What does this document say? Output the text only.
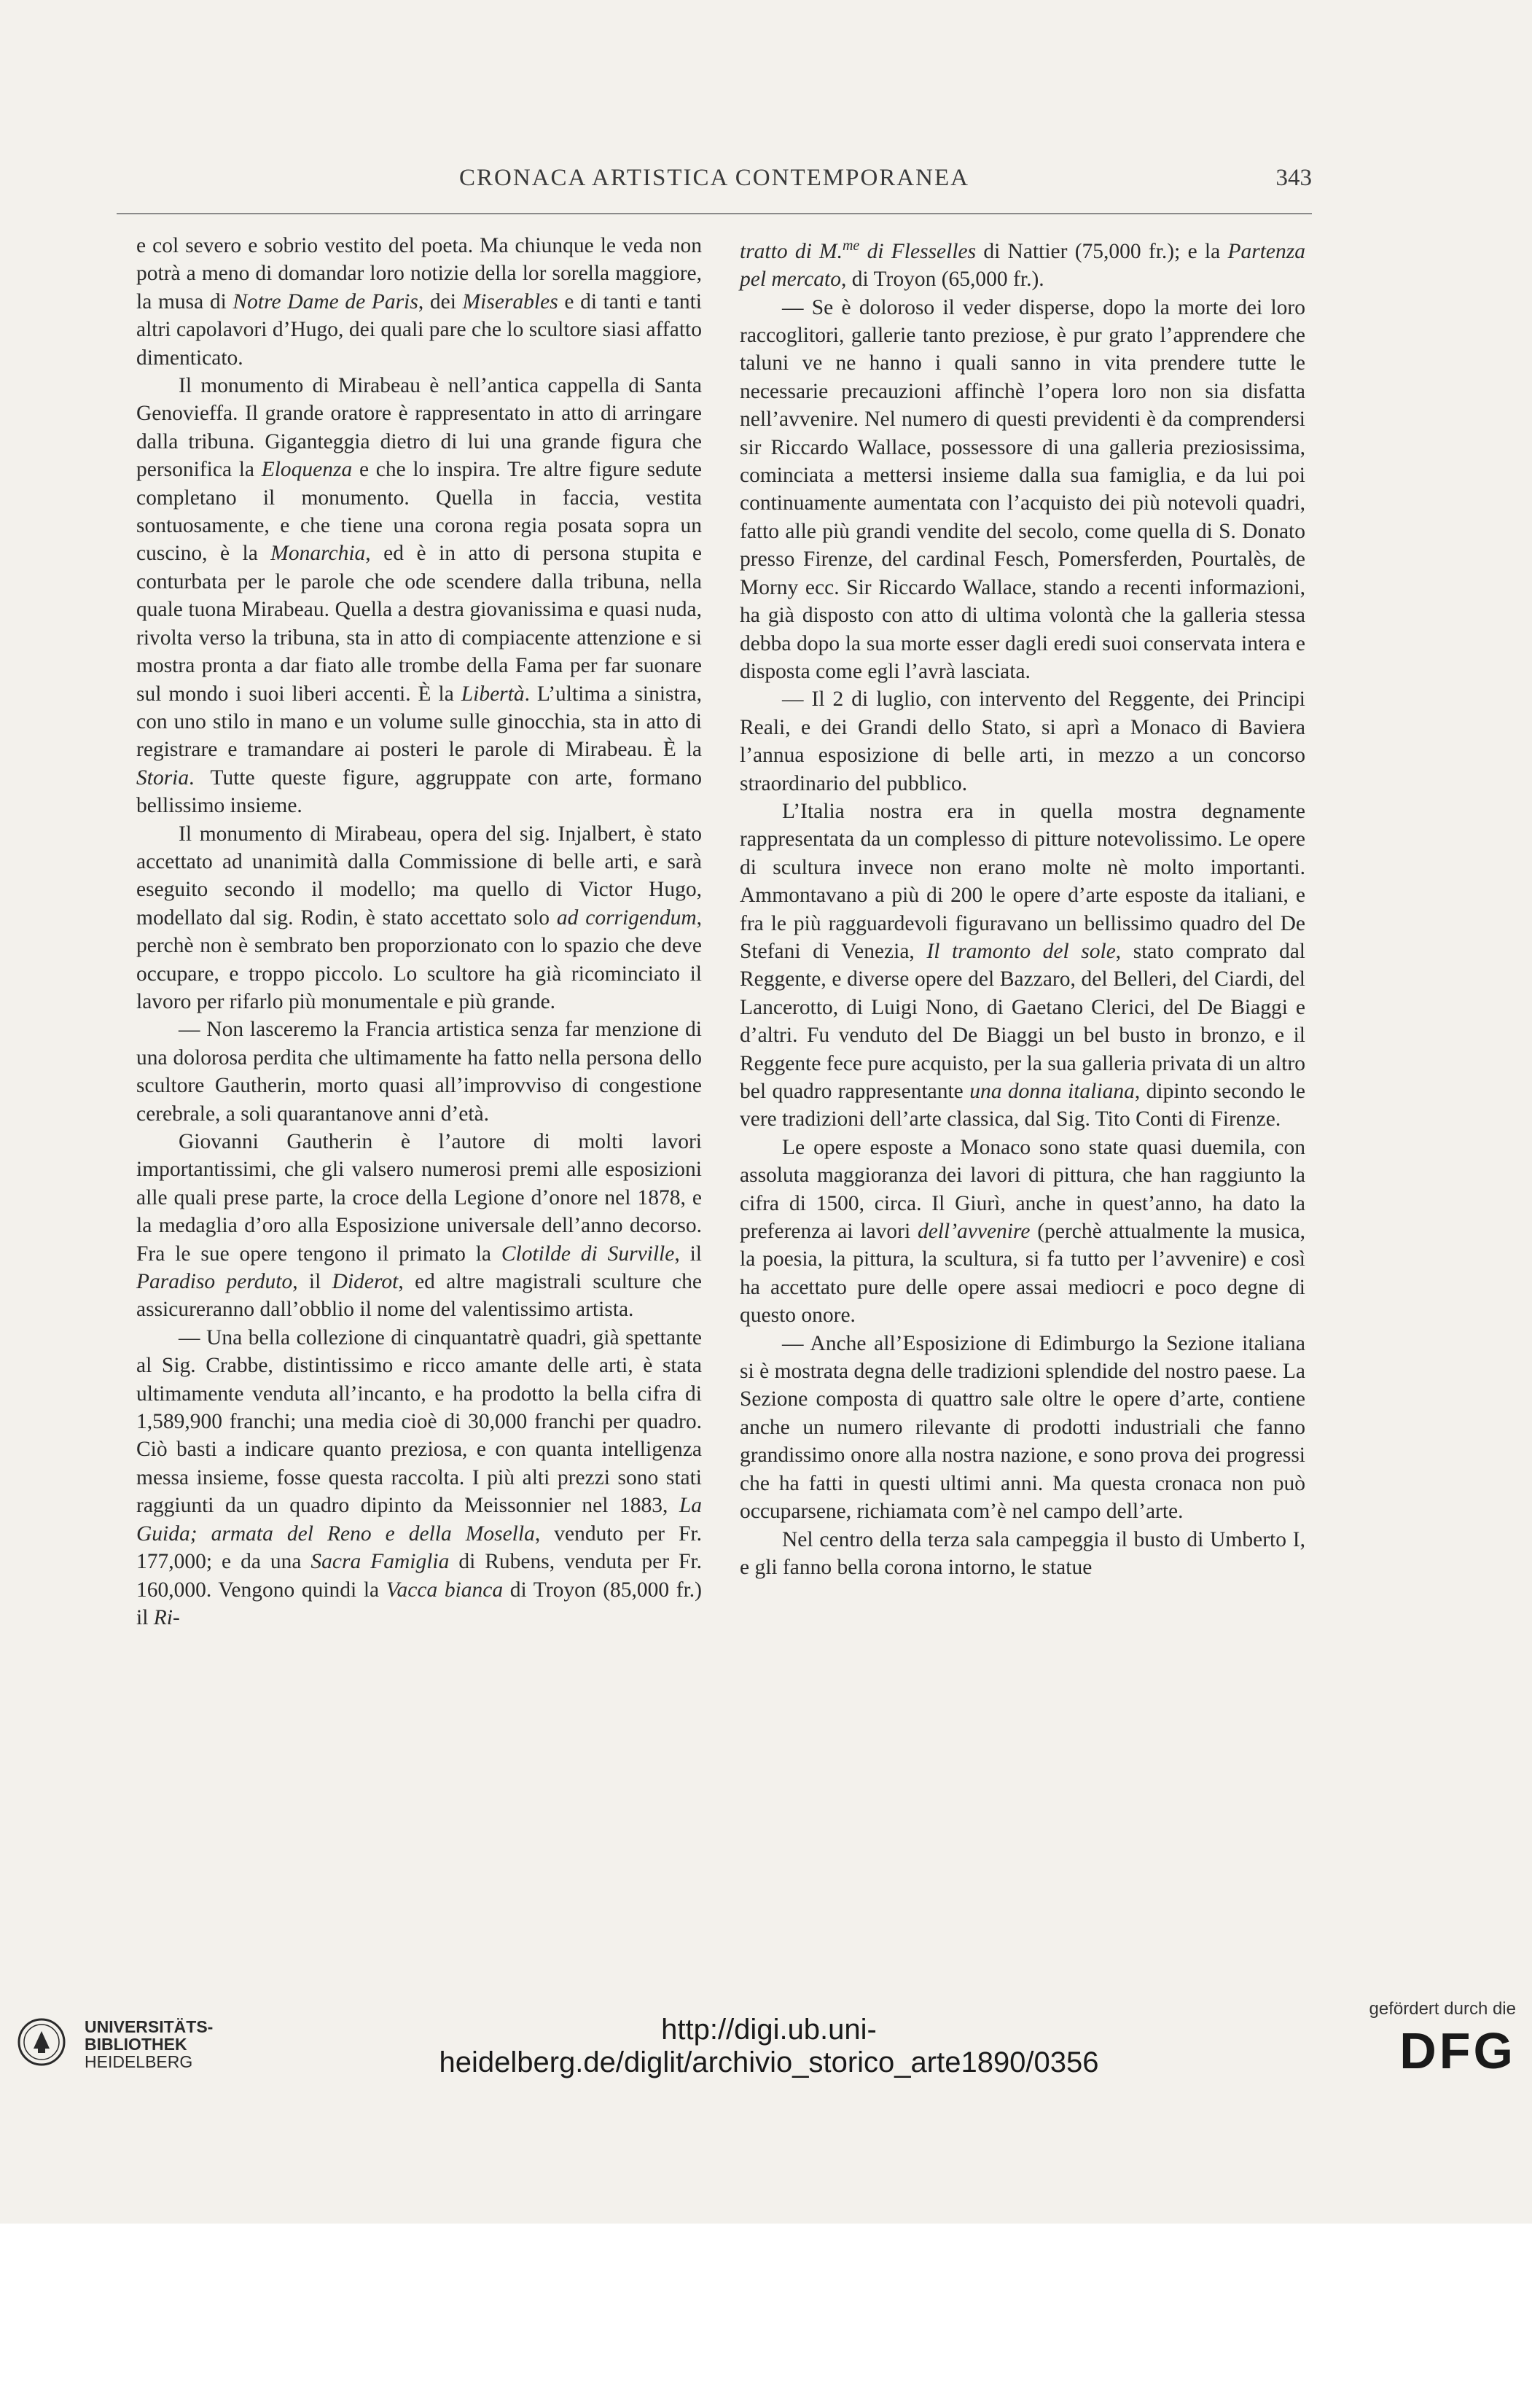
CRONACA ARTISTICA CONTEMPORANEA	343

e col severo e sobrio vestito del poeta. Ma chiunque le veda non potrà a meno di domandar loro notizie della lor sorella maggiore, la musa di Notre Dame de Paris, dei Miserables e di tanti e tanti altri capolavori d’Hugo, dei quali pare che lo scultore siasi affatto dimenticato.

Il monumento di Mirabeau è nell’antica cappella di Santa Genovieffa. Il grande oratore è rappresentato in atto di arringare dalla tribuna. Giganteggia dietro di lui una grande figura che personifica la Eloquenza e che lo inspira. Tre altre figure sedute completano il monumento. Quella in faccia, vestita sontuosamente, e che tiene una corona regia posata sopra un cuscino, è la Monarchia, ed è in atto di persona stupita e conturbata per le parole che ode scendere dalla tribuna, nella quale tuona Mirabeau. Quella a destra giovanissima e quasi nuda, rivolta verso la tribuna, sta in atto di compiacente attenzione e si mostra pronta a dar fiato alle trombe della Fama per far suonare sul mondo i suoi liberi accenti. È la Libertà. L’ultima a sinistra, con uno stilo in mano e un volume sulle ginocchia, sta in atto di registrare e tramandare ai posteri le parole di Mirabeau. È la Storia. Tutte queste figure, aggruppate con arte, formano bellissimo insieme.

Il monumento di Mirabeau, opera del sig. Injalbert, è stato accettato ad unanimità dalla Commissione di belle arti, e sarà eseguito secondo il modello; ma quello di Victor Hugo, modellato dal sig. Rodin, è stato accettato solo ad corrigendum, perchè non è sembrato ben proporzionato con lo spazio che deve occupare, e troppo piccolo. Lo scultore ha già ricominciato il lavoro per rifarlo più monumentale e più grande.

— Non lasceremo la Francia artistica senza far menzione di una dolorosa perdita che ultimamente ha fatto nella persona dello scultore Gautherin, morto quasi all’improvviso di congestione cerebrale, a soli quarantanove anni d’età.

Giovanni Gautherin è l’autore di molti lavori importantissimi, che gli valsero numerosi premi alle esposizioni alle quali prese parte, la croce della Legione d’onore nel 1878, e la medaglia d’oro alla Esposizione universale dell’anno decorso. Fra le sue opere tengono il primato la Clotilde di Surville, il Paradiso perduto, il Diderot, ed altre magistrali sculture che assicureranno dall’obblio il nome del valentissimo artista.

— Una bella collezione di cinquantatrè quadri, già spettante al Sig. Crabbe, distintissimo e ricco amante delle arti, è stata ultimamente venduta all’incanto, e ha prodotto la bella cifra di 1,589,900 franchi; una media cioè di 30,000 franchi per quadro. Ciò basti a indicare quanto preziosa, e con quanta intelligenza messa insieme, fosse questa raccolta. I più alti prezzi sono stati raggiunti da un quadro dipinto da Meissonnier nel 1883, La Guida; armata del Reno e della Mosella, venduto per Fr. 177,000; e da una Sacra Famiglia di Rubens, venduta per Fr. 160,000. Vengono quindi la Vacca bianca di Troyon (85,000 fr.) il Ri-

tratto di M.$^{me}$ di Flesselles di Nattier (75,000 fr.); e la Partenza pel mercato, di Troyon (65,000 fr.).

— Se è doloroso il veder disperse, dopo la morte dei loro raccoglitori, gallerie tanto preziose, è pur grato l’apprendere che taluni ve ne hanno i quali sanno in vita prendere tutte le necessarie precauzioni affinchè l’opera loro non sia disfatta nell’avvenire. Nel numero di questi previdenti è da comprendersi sir Riccardo Wallace, possessore di una galleria preziosissima, cominciata a mettersi insieme dalla sua famiglia, e da lui poi continuamente aumentata con l’acquisto dei più notevoli quadri, fatto alle più grandi vendite del secolo, come quella di S. Donato presso Firenze, del cardinal Fesch, Pomersferden, Pourtalès, de Morny ecc. Sir Riccardo Wallace, stando a recenti informazioni, ha già disposto con atto di ultima volontà che la galleria stessa debba dopo la sua morte esser dagli eredi suoi conservata intera e disposta come egli l’avrà lasciata.

— Il 2 di luglio, con intervento del Reggente, dei Principi Reali, e dei Grandi dello Stato, si aprì a Monaco di Baviera l’annua esposizione di belle arti, in mezzo a un concorso straordinario del pubblico.

L’Italia nostra era in quella mostra degnamente rappresentata da un complesso di pitture notevolissimo. Le opere di scultura invece non erano molte nè molto importanti. Ammontavano a più di 200 le opere d’arte esposte da italiani, e fra le più ragguardevoli figuravano un bellissimo quadro del De Stefani di Venezia, Il tramonto del sole, stato comprato dal Reggente, e diverse opere del Bazzaro, del Belleri, del Ciardi, del Lancerotto, di Luigi Nono, di Gaetano Clerici, del De Biaggi e d’altri. Fu venduto del De Biaggi un bel busto in bronzo, e il Reggente fece pure acquisto, per la sua galleria privata di un altro bel quadro rappresentante una donna italiana, dipinto secondo le vere tradizioni dell’arte classica, dal Sig. Tito Conti di Firenze.

Le opere esposte a Monaco sono state quasi duemila, con assoluta maggioranza dei lavori di pittura, che han raggiunto la cifra di 1500, circa. Il Giurì, anche in quest’anno, ha dato la preferenza ai lavori dell’avvenire (perchè attualmente la musica, la poesia, la pittura, la scultura, si fa tutto per l’avvenire) e così ha accettato pure delle opere assai mediocri e poco degne di questo onore.

— Anche all’Esposizione di Edimburgo la Sezione italiana si è mostrata degna delle tradizioni splendide del nostro paese. La Sezione composta di quattro sale oltre le opere d’arte, contiene anche un numero rilevante di prodotti industriali che fanno grandissimo onore alla nostra nazione, e sono prova dei progressi che ha fatti in questi ultimi anni. Ma questa cronaca non può occuparsene, richiamata com’è nel campo dell’arte.

Nel centro della terza sala campeggia il busto di Umberto I, e gli fanno bella corona intorno, le statue

UNIVERSITÄTS-
BIBLIOTHEK
HEIDELBERG
http://digi.ub.uni-heidelberg.de/diglit/archivio_storico_arte1890/0356
gefördert durch die
DFG
